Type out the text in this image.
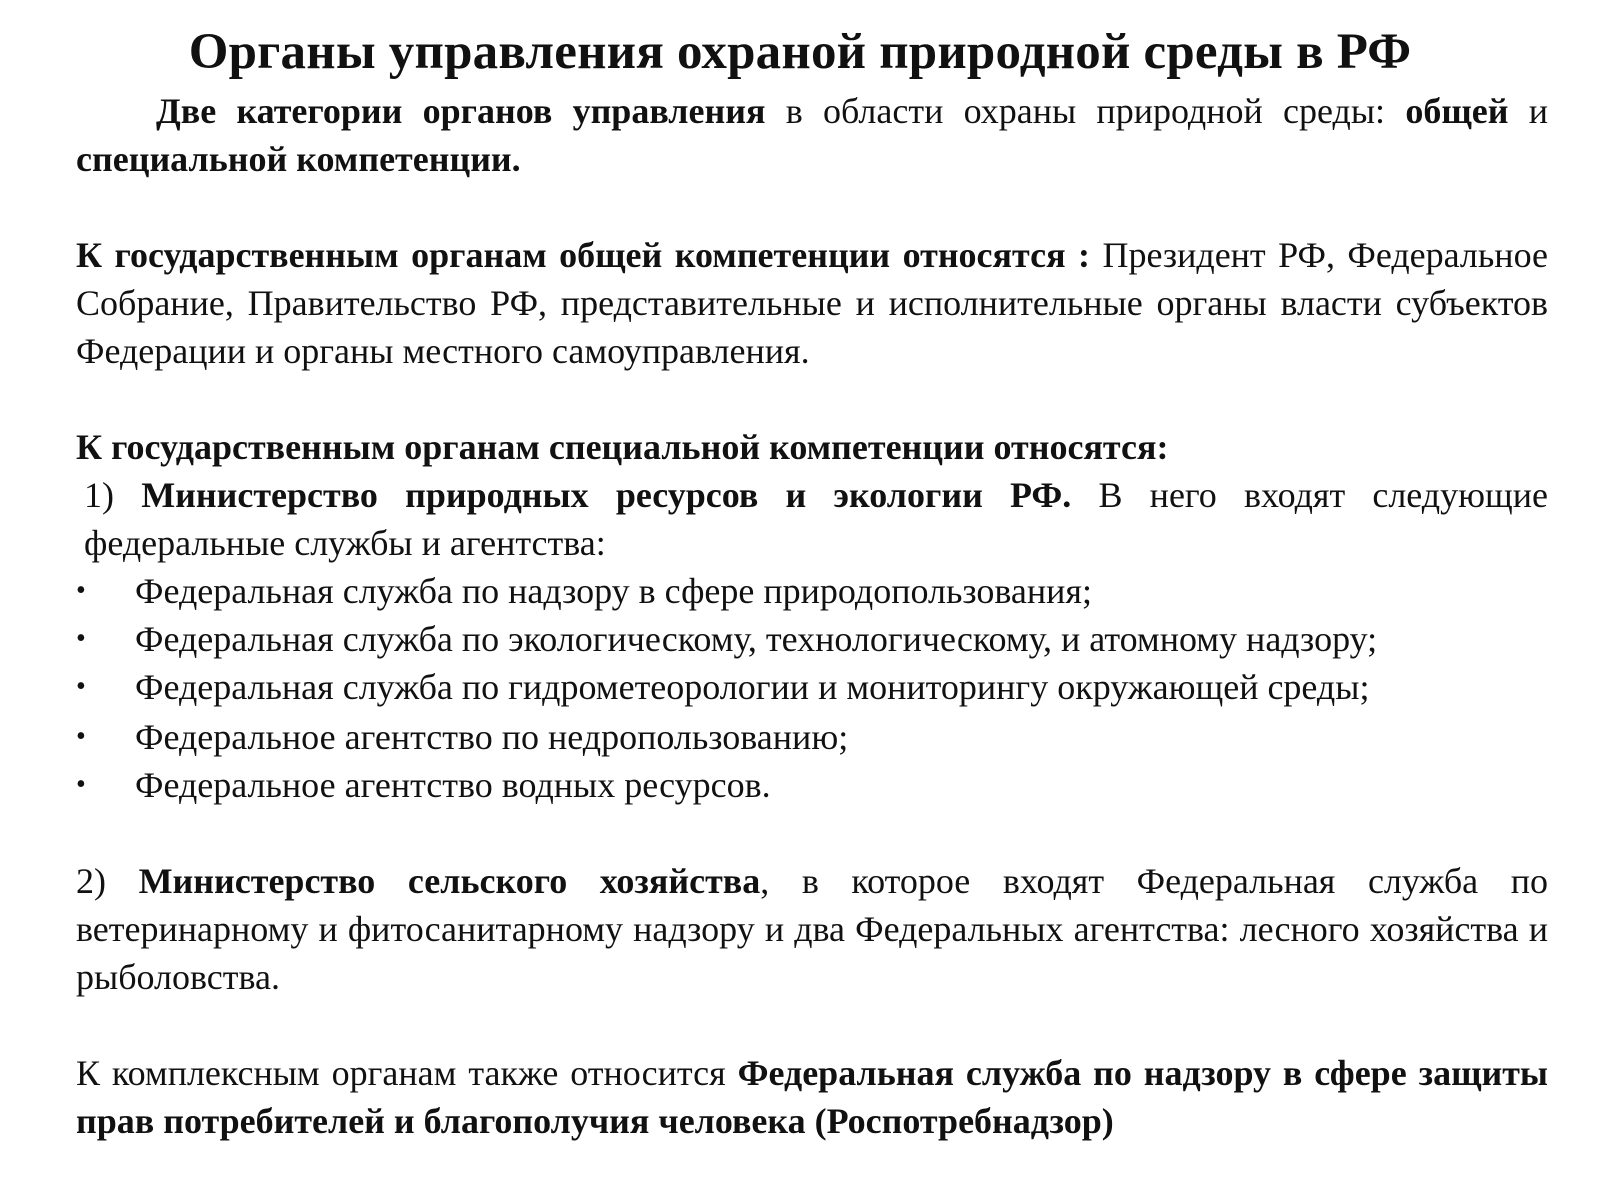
Органы управления охраной природной среды в РФ

Две категории органов управления в области охраны природной среды: общей и специальной компетенции.

К государственным органам общей компетенции относятся : Президент РФ, Федеральное Собрание, Правительство РФ, представительные и исполнительные органы власти субъектов Федерации и органы местного самоуправления.

К государственным органам специальной компетенции относятся:

1) Министерство природных ресурсов и экологии РФ. В него входят следующие федеральные службы и агентства:

• Федеральная служба по надзору в сфере природопользования;
• Федеральная служба по экологическому, технологическому, и атомному надзору;
• Федеральная служба по гидрометеорологии и мониторингу окружающей среды;
• Федеральное агентство по недропользованию;
• Федеральное агентство водных ресурсов.

2) Министерство сельского хозяйства, в которое входят Федеральная служба по ветеринарному и фитосанитарному надзору и два Федеральных агентства: лесного хозяйства и рыболовства.

К комплексным органам также относится Федеральная служба по надзору в сфере защиты прав потребителей и благополучия человека (Роспотребнадзор)
